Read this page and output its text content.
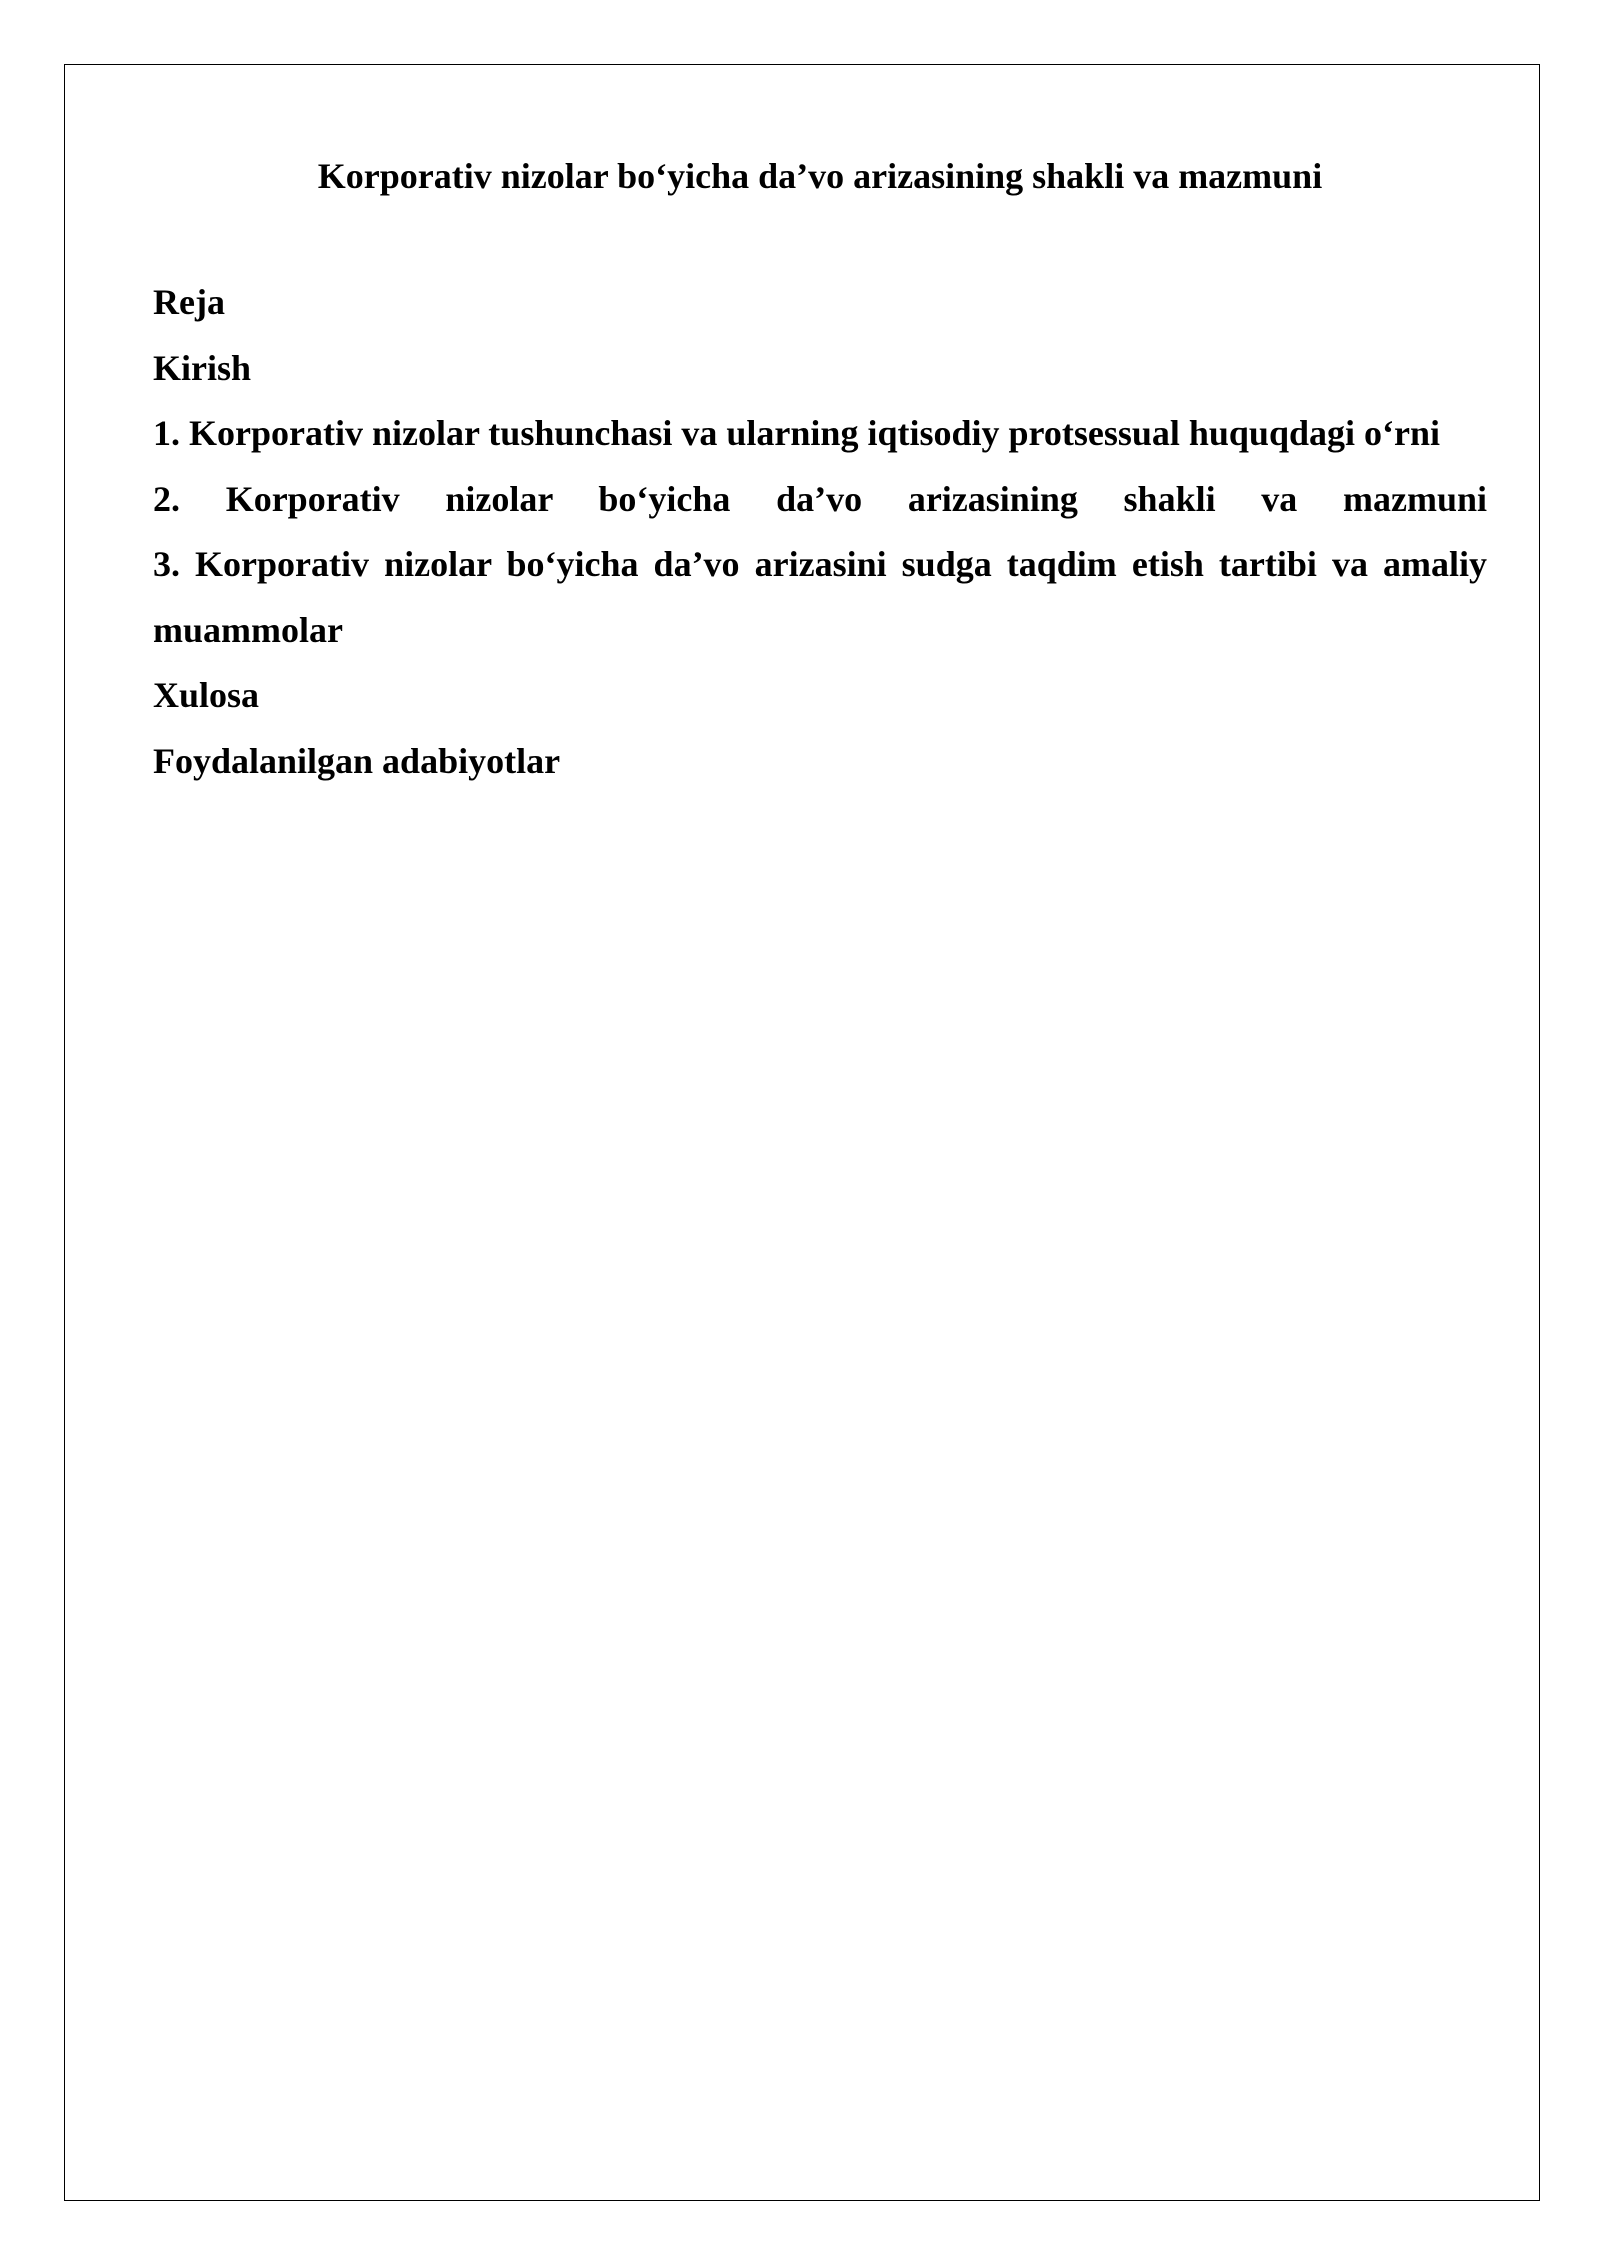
Korporativ nizolar bo‘yicha da’vo arizasining shakli va mazmuni

Reja
Kirish
1. Korporativ nizolar tushunchasi va ularning iqtisodiy protsessual huquqdagi o‘rni
2. Korporativ nizolar bo‘yicha da’vo arizasining shakli va mazmuni
3. Korporativ nizolar bo‘yicha da’vo arizasini sudga taqdim etish tartibi va amaliy muammolar
Xulosa
Foydalanilgan adabiyotlar
